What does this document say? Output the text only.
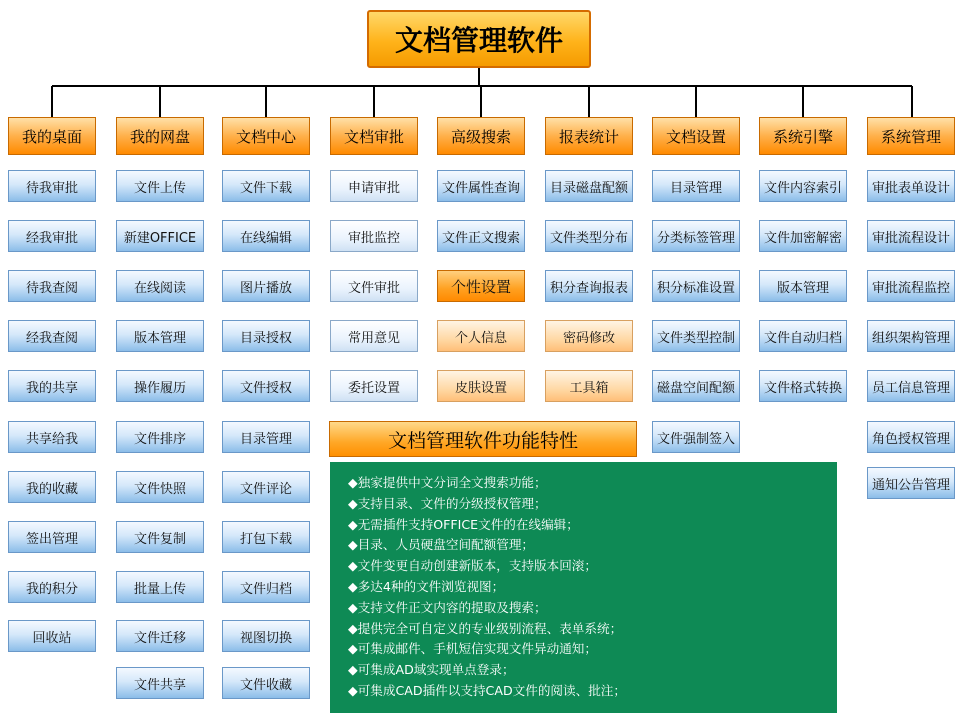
文档管理软件
我的桌面
待我审批
经我审批
待我查阅
经我查阅
我的共享
共享给我
我的收藏
签出管理
我的积分
回收站
我的网盘
文件上传
新建OFFICE
在线阅读
版本管理
操作履历
文件排序
文件快照
文件复制
批量上传
文件迁移
文件共享
文档中心
文件下载
在线编辑
图片播放
目录授权
文件授权
目录管理
文件评论
打包下载
文件归档
视图切换
文件收藏
文档审批
申请审批
审批监控
文件审批
常用意见
委托设置
高级搜索
文件属性查询
文件正文搜索
个性设置
个人信息
皮肤设置
报表统计
目录磁盘配额
文件类型分布
积分查询报表
密码修改
工具箱
文档设置
目录管理
分类标签管理
积分标准设置
文件类型控制
磁盘空间配额
文件强制签入
系统引擎
文件内容索引
文件加密解密
版本管理
文件自动归档
文件格式转换
系统管理
审批表单设计
审批流程设计
审批流程监控
组织架构管理
员工信息管理
角色授权管理
通知公告管理
文档管理软件功能特性
◆独家提供中文分词全文搜索功能；
◆支持目录、文件的分级授权管理；
◆无需插件支持OFFICE文件的在线编辑；
◆目录、人员硬盘空间配额管理；
◆文件变更自动创建新版本，支持版本回滚；
◆多达4种的文件浏览视图；
◆支持文件正文内容的提取及搜索；
◆提供完全可自定义的专业级别流程、表单系统；
◆可集成邮件、手机短信实现文件异动通知；
◆可集成AD域实现单点登录；
◆可集成CAD插件以支持CAD文件的阅读、批注；
